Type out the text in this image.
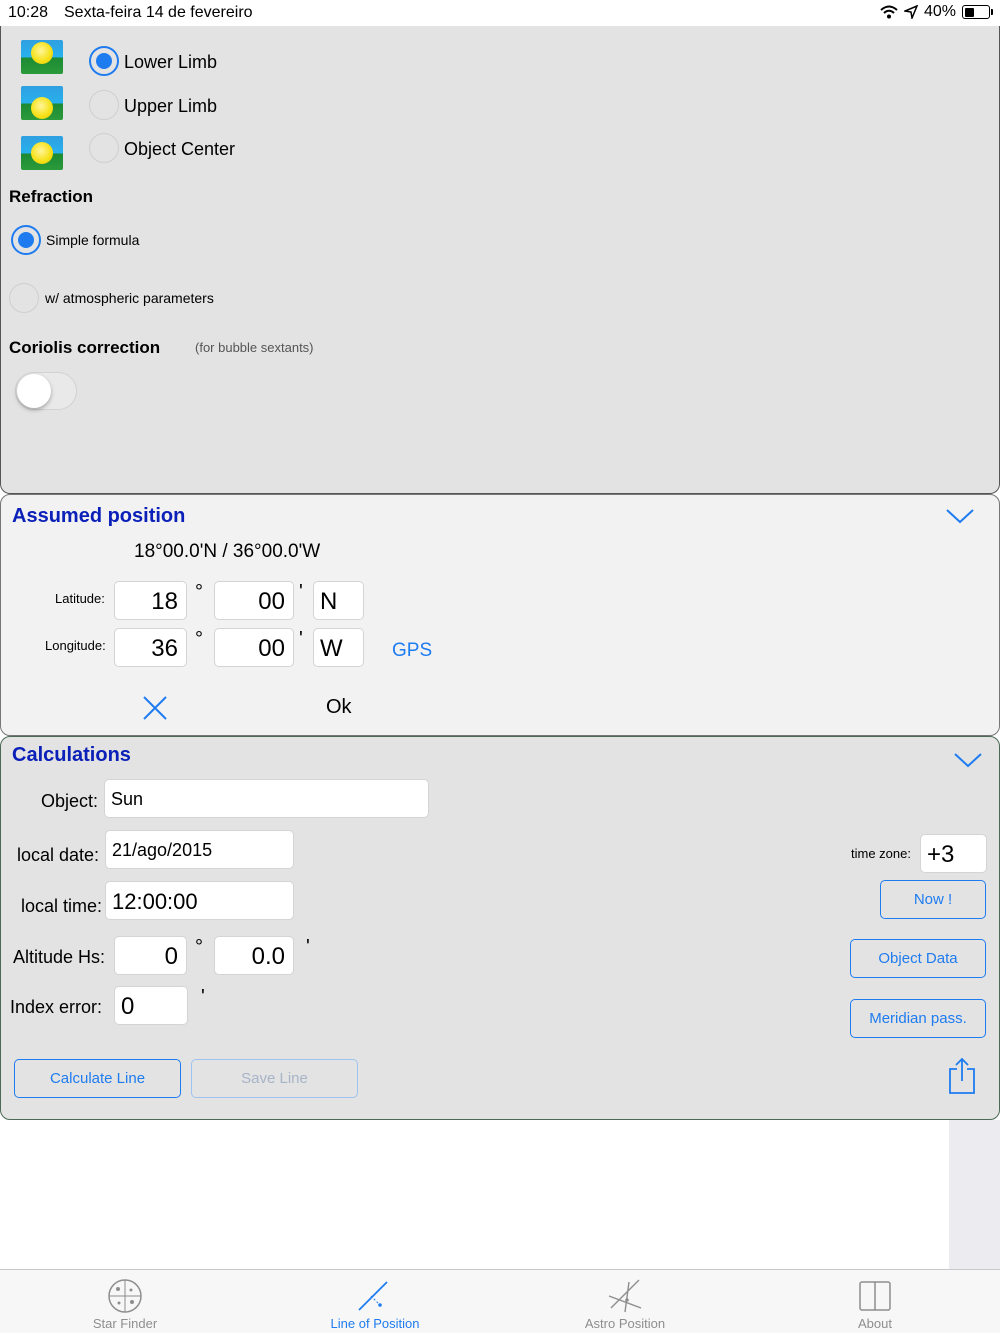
10:28 Sexta-feira 14 de fevereiro	40%
Lower Limb
Upper Limb
Object Center
Refraction
Simple formula
w/ atmospheric parameters
Coriolis correction	(for bubble sextants)
Assumed position
18°00.0'N / 36°00.0'W
Latitude:	18 °	00 ' N
Longitude:	36 °	00 ' W	GPS
Ok
Calculations
Object: Sun
local date: 21/ago/2015	time zone: +3
local time: 12:00:00	Now !
Altitude Hs:	0 °	0.0	'
Object Data
Index error: 0	'
Meridian pass.
Calculate Line	Save Line
Star Finder	Line of Position	Astro Position	About
